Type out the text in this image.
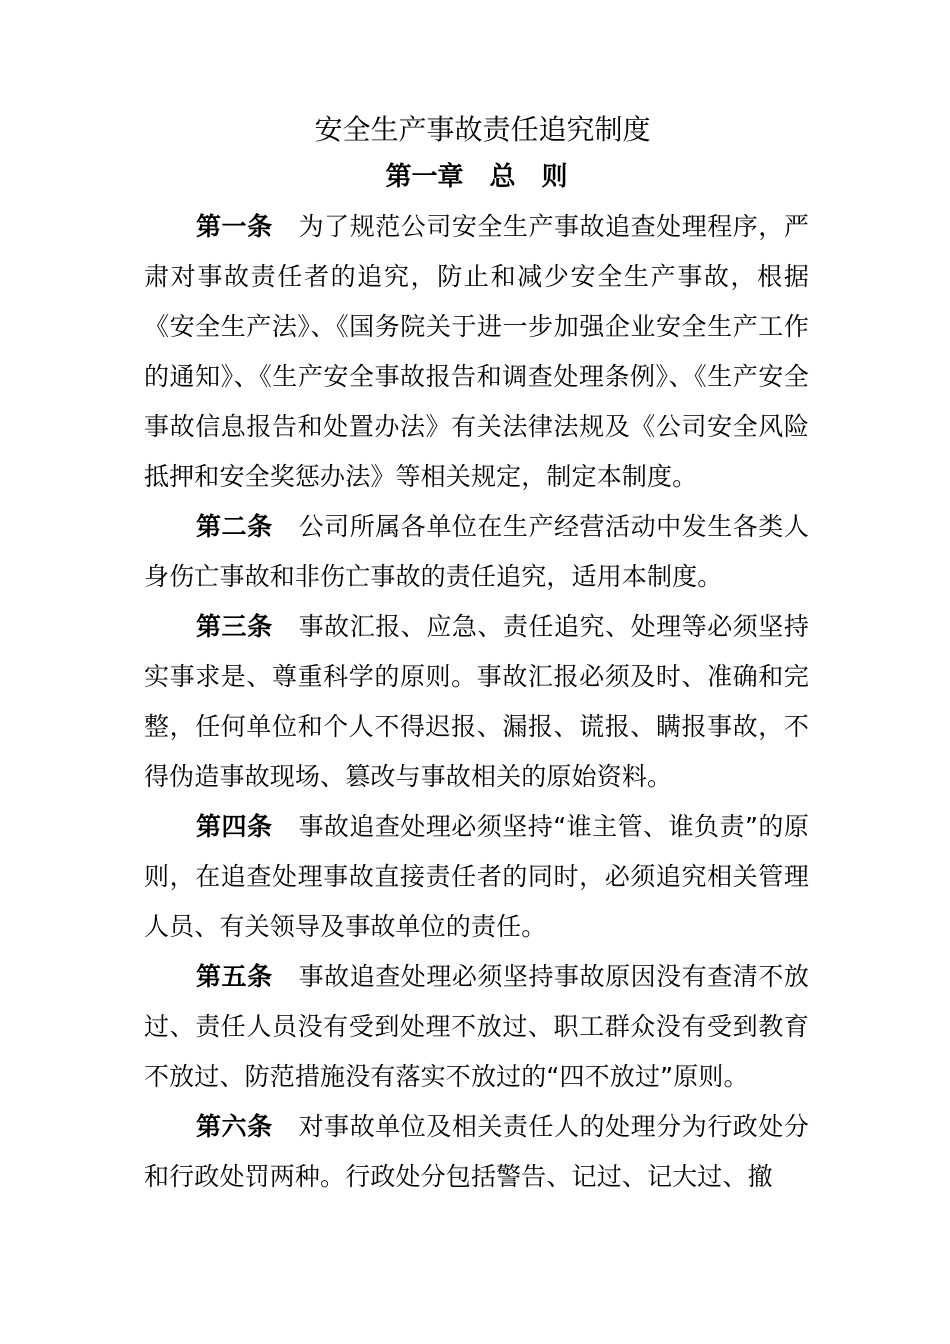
安全生产事故责任追究制度
第一章　总　则

第一条 为了规范公司安全生产事故追查处理程序，严肃对事故责任者的追究，防止和减少安全生产事故，根据《安全生产法》、《国务院关于进一步加强企业安全生产工作的通知》、《生产安全事故报告和调查处理条例》、《生产安全事故信息报告和处置办法》有关法律法规及《公司安全风险抵押和安全奖惩办法》等相关规定，制定本制度。

第二条 公司所属各单位在生产经营活动中发生各类人身伤亡事故和非伤亡事故的责任追究，适用本制度。

第三条 事故汇报、应急、责任追究、处理等必须坚持实事求是、尊重科学的原则。事故汇报必须及时、准确和完整，任何单位和个人不得迟报、漏报、谎报、瞒报事故，不得伪造事故现场、篡改与事故相关的原始资料。

第四条 事故追查处理必须坚持“谁主管、谁负责”的原则，在追查处理事故直接责任者的同时，必须追究相关管理人员、有关领导及事故单位的责任。

第五条 事故追查处理必须坚持事故原因没有查清不放过、责任人员没有受到处理不放过、职工群众没有受到教育不放过、防范措施没有落实不放过的“四不放过”原则。

第六条 对事故单位及相关责任人的处理分为行政处分和行政处罚两种。行政处分包括警告、记过、记大过、撤
